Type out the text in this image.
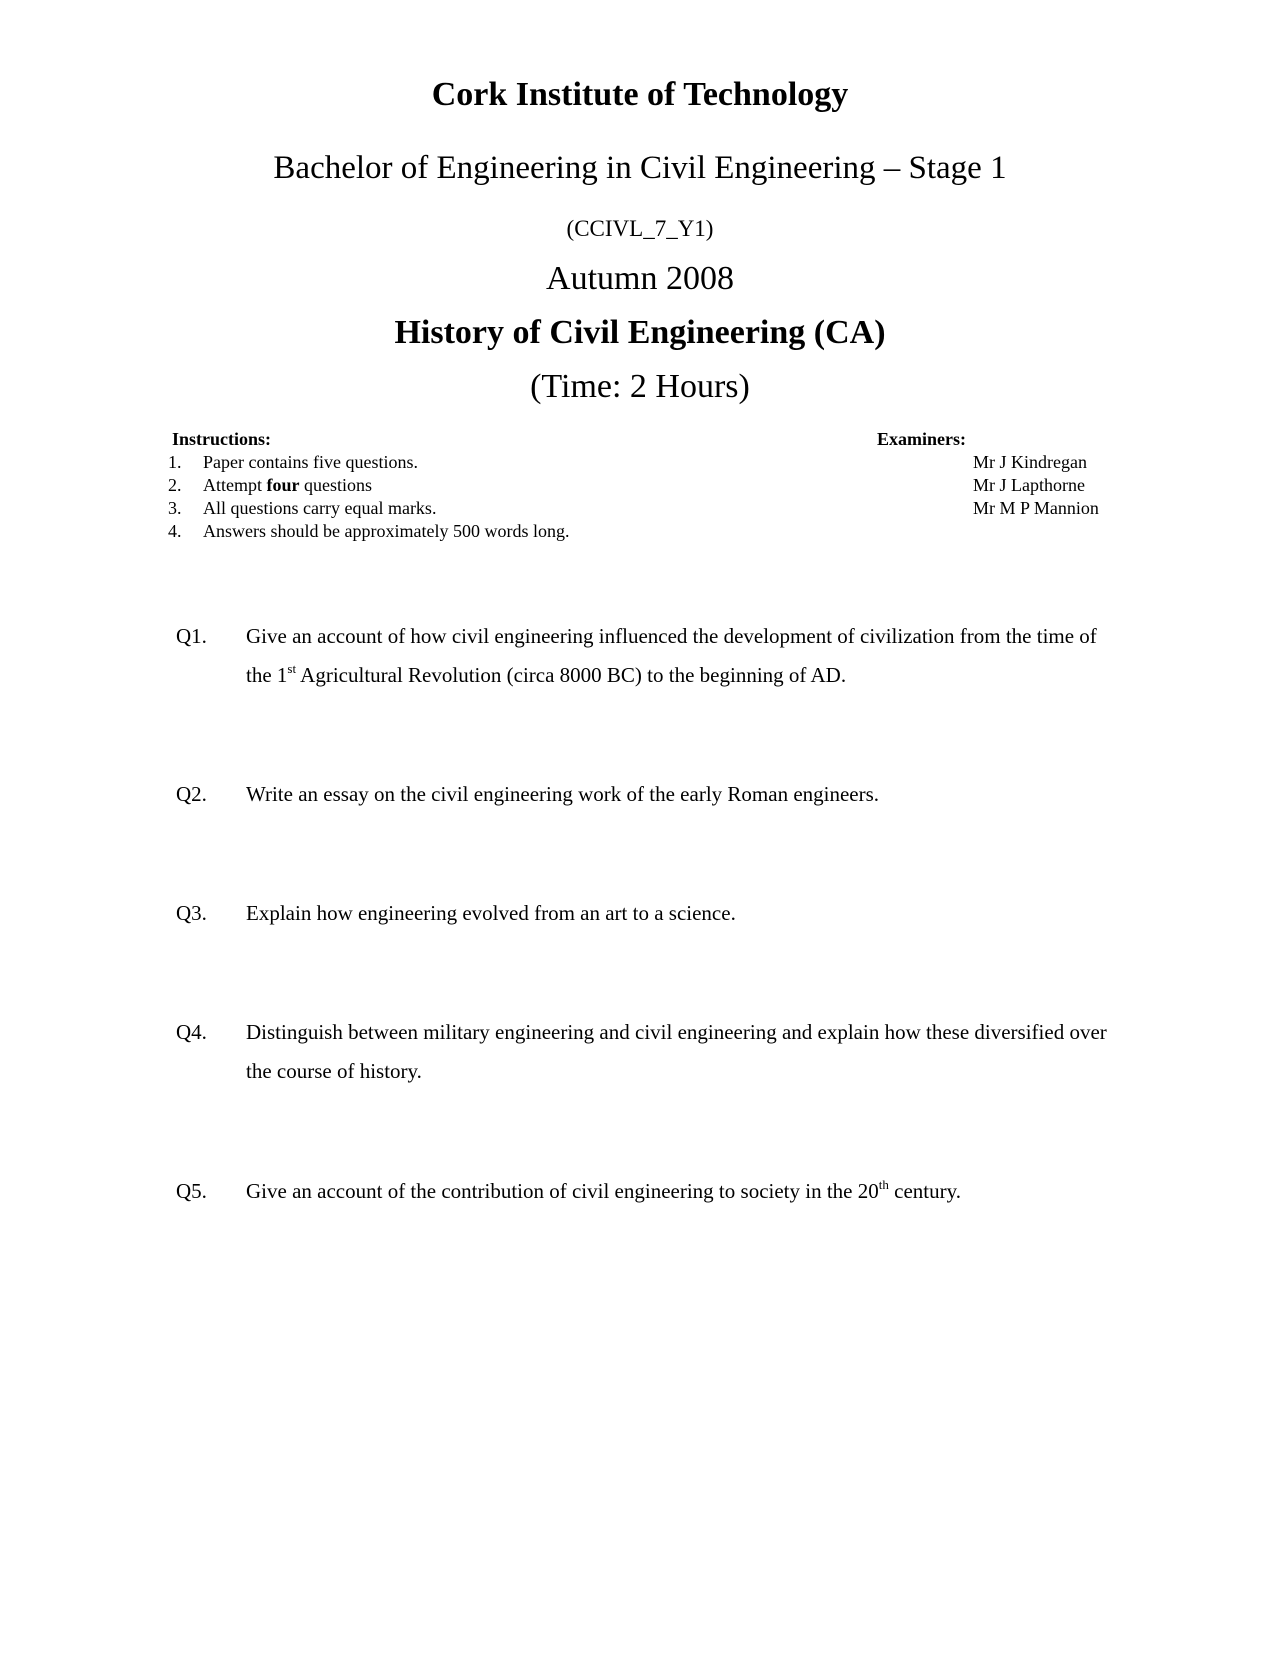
Cork Institute of Technology
Bachelor of Engineering in Civil Engineering – Stage 1
(CCIVL_7_Y1)
Autumn 2008
History of Civil Engineering (CA)
(Time: 2 Hours)

Instructions:

1. Paper contains five questions.
2. Attempt four questions
3. All questions carry equal marks.
4. Answers should be approximately 500 words long.

Examiners:

Mr J Kindregan
Mr J Lapthorne
Mr M P Mannion
Q1. Give an account of how civil engineering influenced the development of civilization from the time of the 1st Agricultural Revolution (circa 8000 BC) to the beginning of AD.
Q2. Write an essay on the civil engineering work of the early Roman engineers.
Q3. Explain how engineering evolved from an art to a science.
Q4. Distinguish between military engineering and civil engineering and explain how these diversified over the course of history.
Q5. Give an account of the contribution of civil engineering to society in the 20th century.
